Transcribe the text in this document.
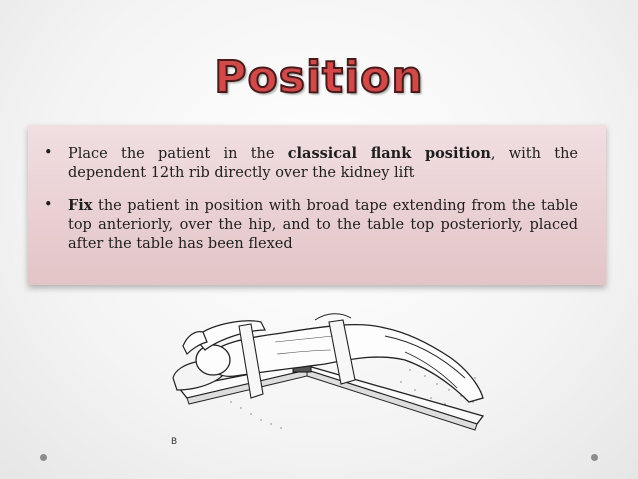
Position
• Place the patient in the classical flank position, with the dependent 12th rib directly over the kidney lift
• Fix the patient in position with broad tape extending from the table top anteriorly, over the hip, and to the table top posteriorly, placed after the table has been flexed
B
